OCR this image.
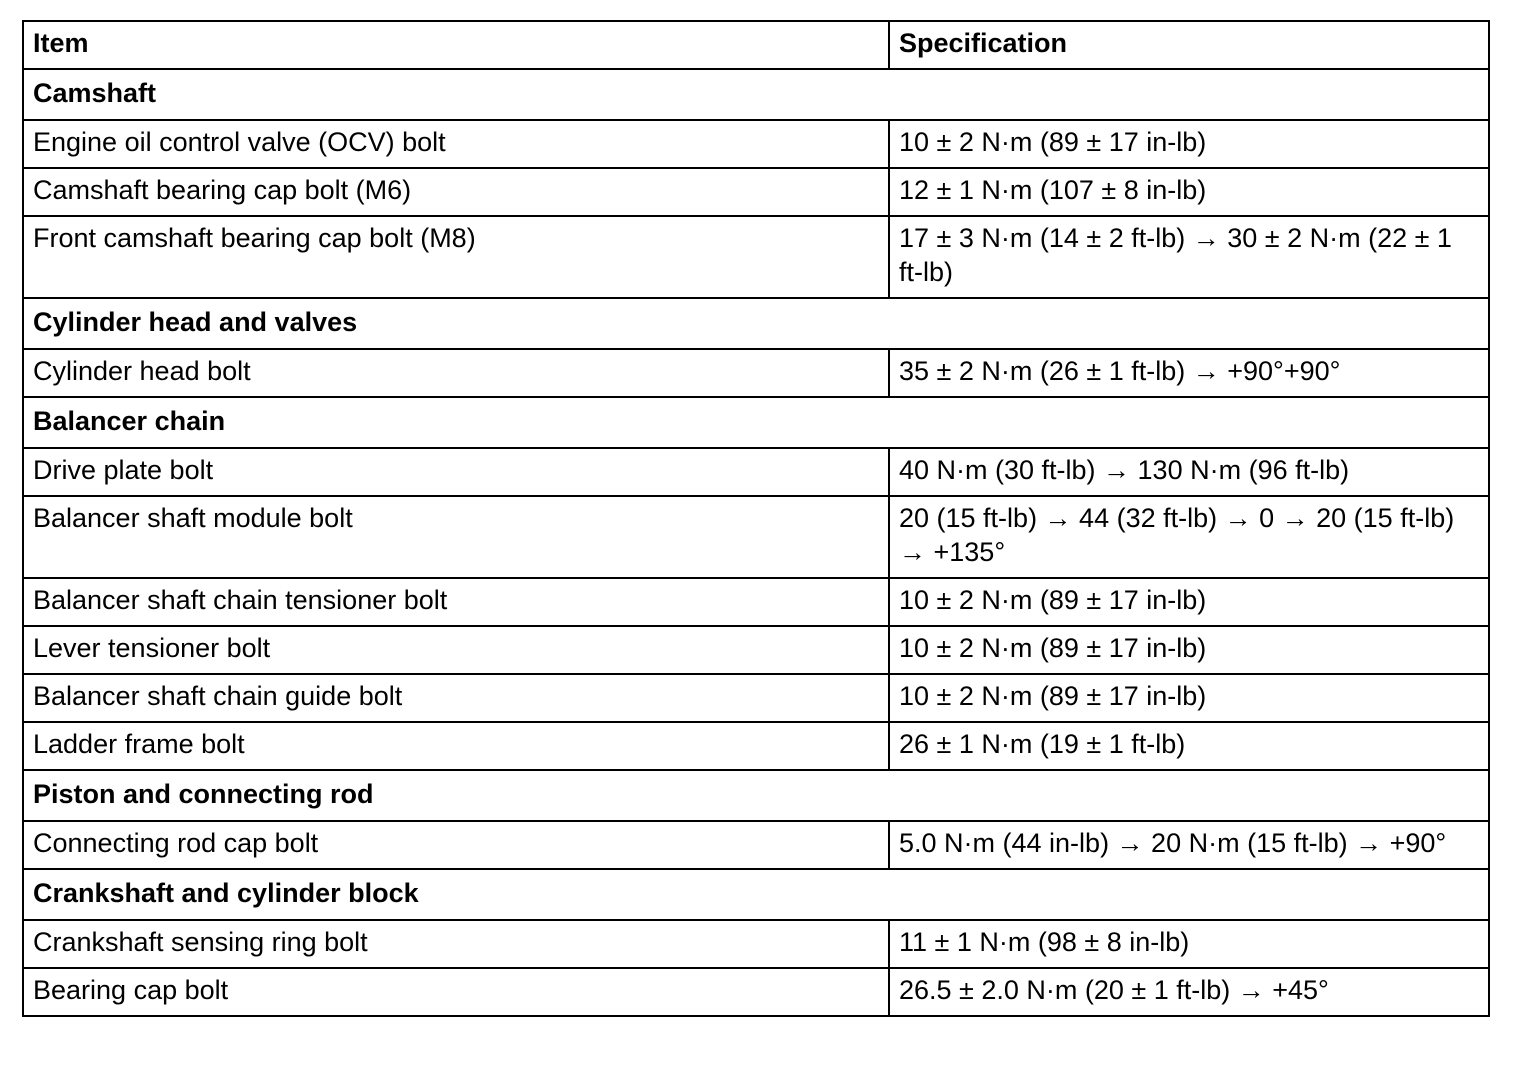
Item	Specification
Camshaft	
Engine oil control valve (OCV) bolt	10 ± 2 N·m (89 ± 17 in-lb)
Camshaft bearing cap bolt (M6)	12 ± 1 N·m (107 ± 8 in-lb)
Front camshaft bearing cap bolt (M8)	17 ± 3 N·m (14 ± 2 ft-lb) → 30 ± 2 N·m (22 ± 1 ft-lb)
Cylinder head and valves	
Cylinder head bolt	35 ± 2 N·m (26 ± 1 ft-lb) → +90°+90°
Balancer chain	
Drive plate bolt	40 N·m (30 ft-lb) → 130 N·m (96 ft-lb)
Balancer shaft module bolt	20 (15 ft-lb) → 44 (32 ft-lb) → 0 → 20 (15 ft-lb) → +135°
Balancer shaft chain tensioner bolt	10 ± 2 N·m (89 ± 17 in-lb)
Lever tensioner bolt	10 ± 2 N·m (89 ± 17 in-lb)
Balancer shaft chain guide bolt	10 ± 2 N·m (89 ± 17 in-lb)
Ladder frame bolt	26 ± 1 N·m (19 ± 1 ft-lb)
Piston and connecting rod	
Connecting rod cap bolt	5.0 N·m (44 in-lb) → 20 N·m (15 ft-lb) → +90°
Crankshaft and cylinder block	
Crankshaft sensing ring bolt	11 ± 1 N·m (98 ± 8 in-lb)
Bearing cap bolt	26.5 ± 2.0 N·m (20 ± 1 ft-lb) → +45°
